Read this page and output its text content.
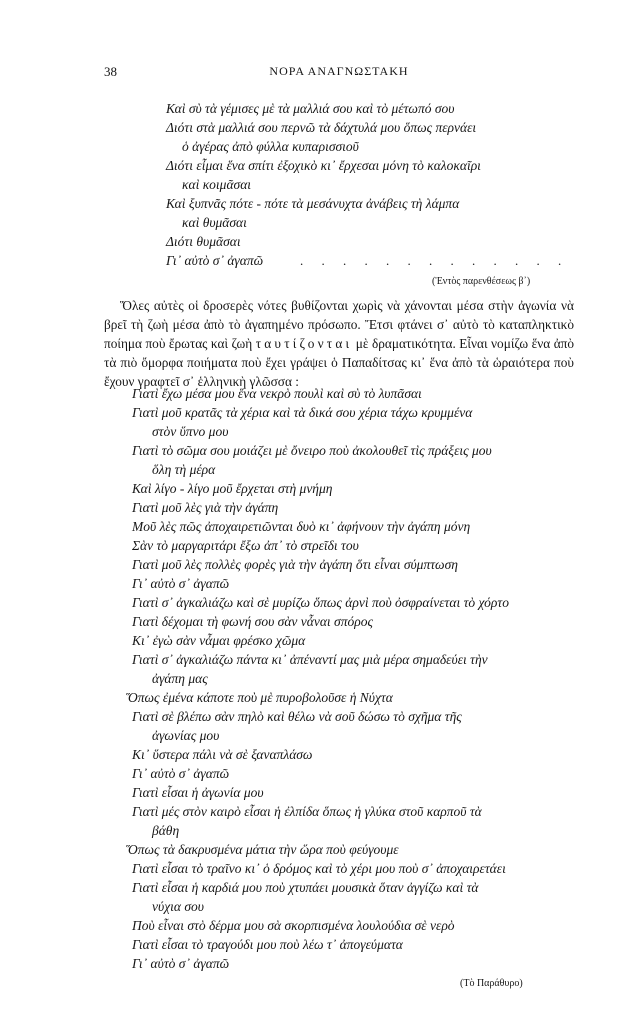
38	ΝΟΡΑ ΑΝΑΓΝΩΣΤΑΚΗ
Καὶ σὺ τὰ γέμισες μὲ τὰ μαλλιά σου καὶ τὸ μέτωπό σου
Διότι στὰ μαλλιά σου περνῶ τὰ δάχτυλά μου ὅπως περνάει
ὁ ἀγέρας ἀπὸ φύλλα κυπαρισσιοῦ
Διότι εἶμαι ἕνα σπίτι ἐξοχικὸ κι᾽ ἔρχεσαι μόνη τὸ καλοκαῖρι
καὶ κοιμᾶσαι
Καὶ ξυπνᾶς πότε - πότε τὰ μεσάνυχτα ἀνάβεις τὴ λάμπα
καὶ θυμᾶσαι
Διότι θυμᾶσαι
Γι᾽ αὐτὸ σ᾽ ἀγαπῶ	. . . . . . . . . . . . .
(Ἐντὸς παρενθέσεως β᾽)
Ὅλες αὐτὲς οἱ δροσερὲς νότες βυθίζονται χωρὶς νὰ χάνονται μέσα στὴν ἀγωνία νὰ βρεῖ τὴ ζωὴ μέσα ἀπὸ τὸ ἀγαπημένο πρόσωπο. Ἔτσι φτάνει σ᾽ αὐτὸ τὸ καταπληκτικὸ ποίημα ποὺ ἔρωτας καὶ ζωὴ ταυτίζονται μὲ δραματικότητα. Εἶναι νομίζω ἕνα ἀπὸ τὰ πιὸ ὄμορφα ποιήματα ποὺ ἔχει γράψει ὁ Παπαδίτσας κι᾽ ἕνα ἀπὸ τὰ ὡραιότερα ποὺ ἔχουν γραφτεῖ σ᾽ ἑλληνικὴ γλῶσσα :
Γιατὶ ἔχω μέσα μου ἕνα νεκρὸ πουλὶ καὶ σὺ τὸ λυπᾶσαι
Γιατὶ μοῦ κρατᾶς τὰ χέρια καὶ τὰ δικά σου χέρια τάχω κρυμμένα
στὸν ὕπνο μου
Γιατὶ τὸ σῶμα σου μοιάζει μὲ ὄνειρο ποὺ ἀκολουθεῖ τὶς πράξεις μου
ὅλη τὴ μέρα
Καὶ λίγο - λίγο μοῦ ἔρχεται στὴ μνήμη
Γιατὶ μοῦ λὲς γιὰ τὴν ἀγάπη
Μοῦ λὲς πῶς ἀποχαιρετιῶνται δυὸ κι᾽ ἀφήνουν τὴν ἀγάπη μόνη
Σὰν τὸ μαργαριτάρι ἔξω ἀπ᾽ τὸ στρεῖδι του
Γιατὶ μοῦ λὲς πολλὲς φορὲς γιὰ τὴν ἀγάπη ὅτι εἶναι σύμπτωση
Γι᾽ αὐτὸ σ᾽ ἀγαπῶ
Γιατὶ σ᾽ ἀγκαλιάζω καὶ σὲ μυρίζω ὅπως ἀρνὶ ποὺ ὀσφραίνεται τὸ χόρτο
Γιατὶ δέχομαι τὴ φωνή σου σὰν νἆναι σπόρος
Κι᾽ ἐγὼ σὰν νἆμαι φρέσκο χῶμα
Γιατὶ σ᾽ ἀγκαλιάζω πάντα κι᾽ ἀπέναντί μας μιὰ μέρα σημαδεύει τὴν
ἀγάπη μας
Ὅπως ἐμένα κάποτε ποὺ μὲ πυροβολοῦσε ἡ Νύχτα
Γιατὶ σὲ βλέπω σὰν πηλὸ καὶ θέλω νὰ σοῦ δώσω τὸ σχῆμα τῆς
ἀγωνίας μου
Κι᾽ ὕστερα πάλι νὰ σὲ ξαναπλάσω
Γι᾽ αὐτὸ σ᾽ ἀγαπῶ
Γιατὶ εἶσαι ἡ ἀγωνία μου
Γιατὶ μές στὸν καιρὸ εἶσαι ἡ ἐλπίδα ὅπως ἡ γλύκα στοῦ καρποῦ τὰ
βάθη
Ὅπως τὰ δακρυσμένα μάτια τὴν ὥρα ποὺ φεύγουμε
Γιατὶ εἶσαι τὸ τραῖνο κι᾽ ὁ δρόμος καὶ τὸ χέρι μου ποὺ σ᾽ ἀποχαιρετάει
Γιατὶ εἶσαι ἡ καρδιά μου ποὺ χτυπάει μουσικὰ ὅταν ἀγγίζω καὶ τὰ
νύχια σου
Ποὺ εἶναι στὸ δέρμα μου σὰ σκορπισμένα λουλούδια σὲ νερὸ
Γιατὶ εἶσαι τὸ τραγούδι μου ποὺ λέω τ᾽ ἀπογεύματα
Γι᾽ αὐτὸ σ᾽ ἀγαπῶ
(Τὸ Παράθυρο)
